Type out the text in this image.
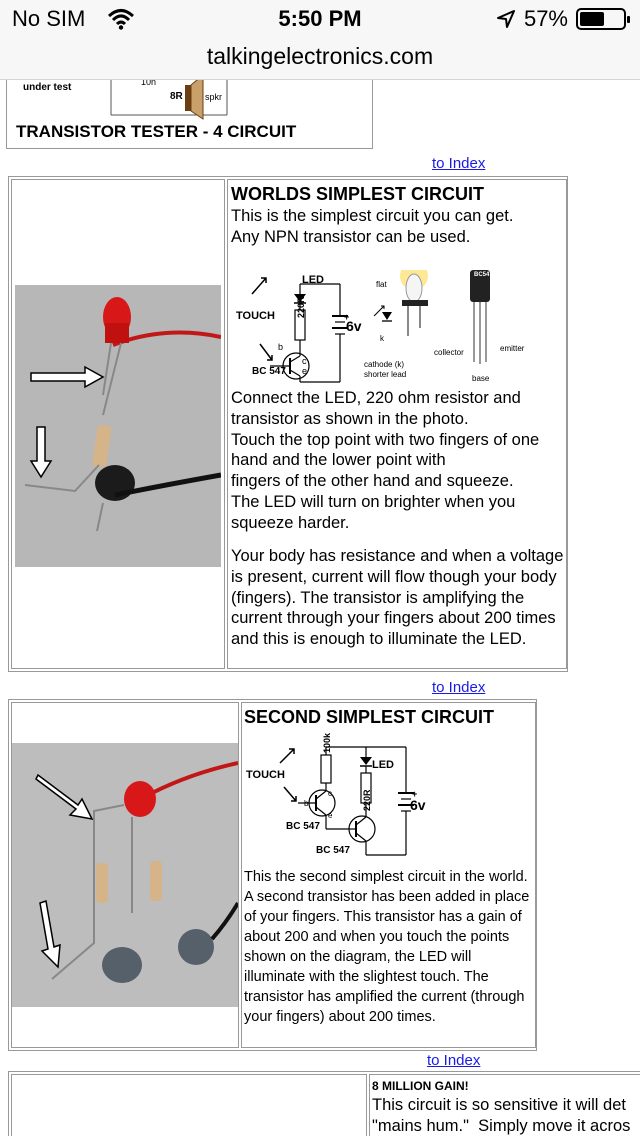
No SIM	5:50 PM	57%
talkingelectronics.com
under test	10n
8R spkr
TRANSISTOR TESTER - 4 CIRCUIT
to Index
WORLDS SIMPLEST CIRCUIT
This is the simplest circuit you can get.
Any NPN transistor can be used.
LED
TOUCH 220R	+
6v
b
c
e
BC 547
flat
k
cathode (k)
shorter lead
collector	emitter
base
BC547
Connect the LED, 220 ohm resistor and transistor as shown in the photo.
Touch the top point with two fingers of one hand and the lower point with
fingers of the other hand and squeeze.
The LED will turn on brighter when you squeeze harder.
Your body has resistance and when a voltage is present, current will flow though your body (fingers). The transistor is amplifying the current through your fingers about 200 times and this is enough to illuminate the LED.
to Index
SECOND SIMPLEST CIRCUIT
100k
LED
TOUCH
220R	+
6v
b
c
e
BC 547
BC 547
This the second simplest circuit in the world. A second transistor has been added in place of your fingers. This transistor has a gain of about 200 and when you touch the points shown on the diagram, the LED will illuminate with the slightest touch. The transistor has amplified the current (through your fingers) about 200 times.
to Index
8 MILLION GAIN!
This circuit is so sensitive it will det
"mains hum."  Simply move it acros
